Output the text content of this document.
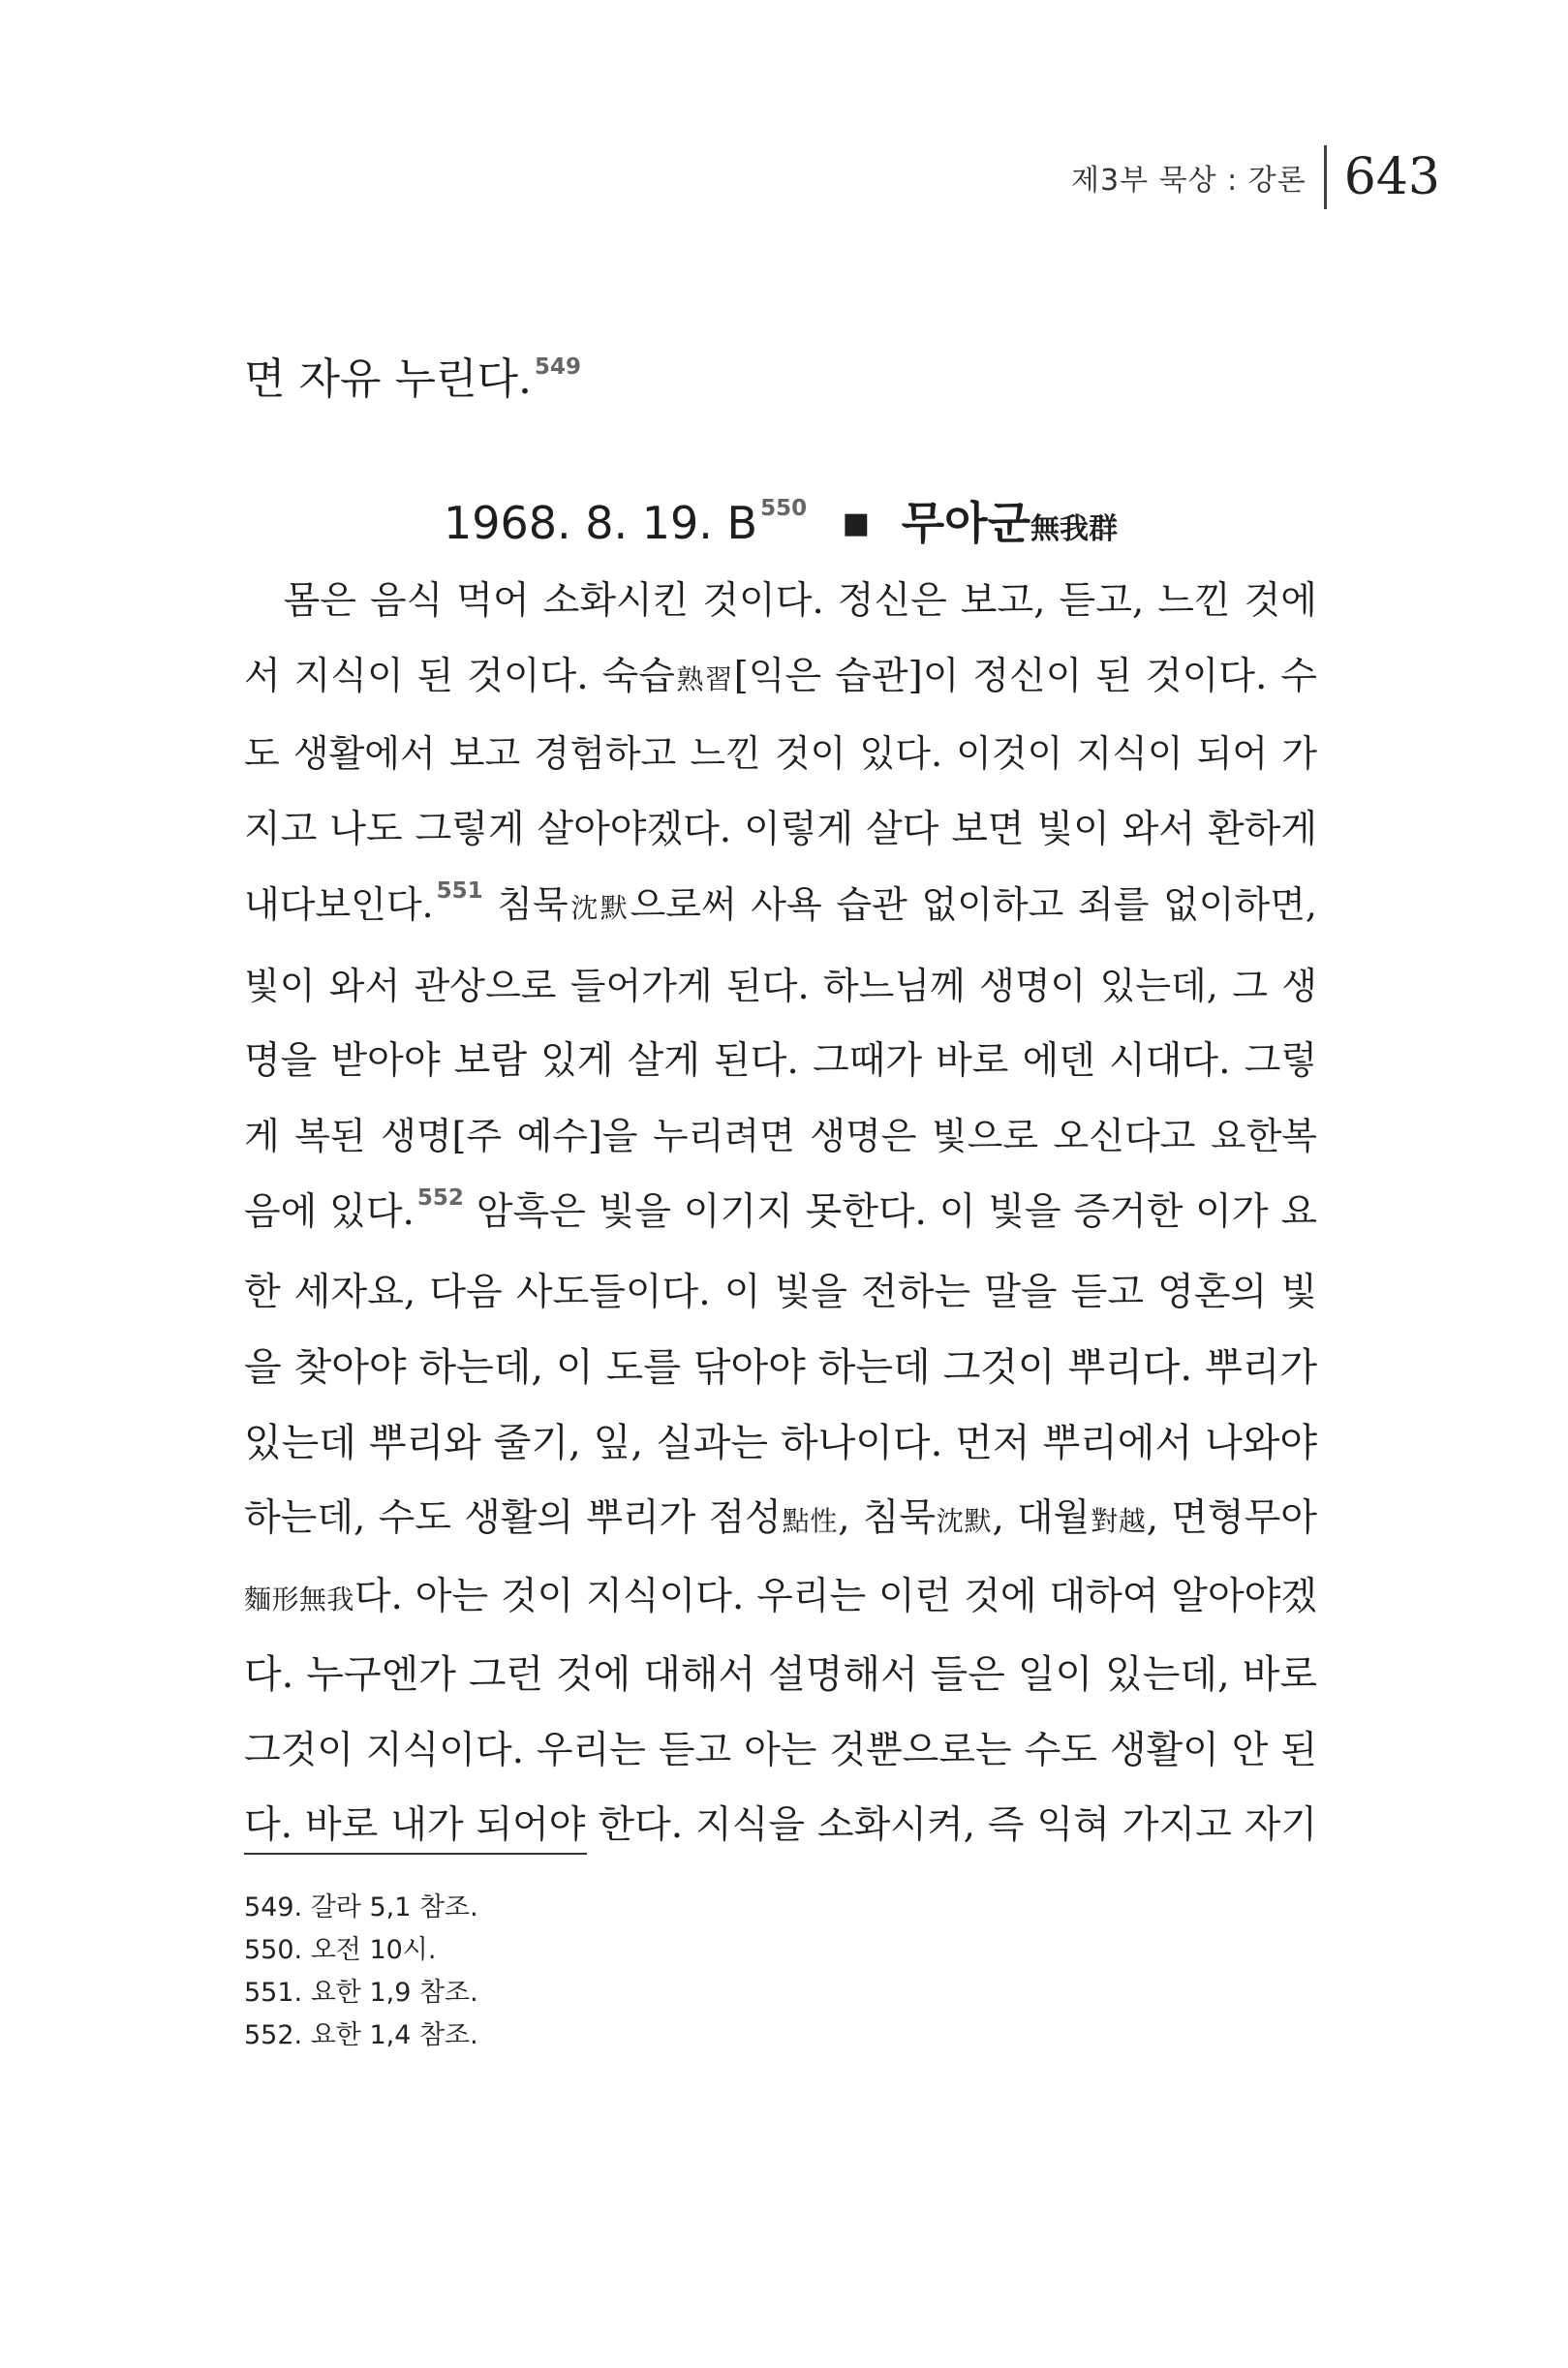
제3부 묵상 : 강론 643
면 자유 누린다. $^{549}$
1968. 8. 19. B $^{550}$ ■ 무아군無我群
　몸은 음식 먹어 소화시킨 것이다. 정신은 보고, 듣고, 느낀 것에
서 지식이 된 것이다. 숙습熟習[익은 습관]이 정신이 된 것이다. 수
도 생활에서 보고 경험하고 느낀 것이 있다. 이것이 지식이 되어 가
지고 나도 그렇게 살아야겠다. 이렇게 살다 보면 빛이 와서 환하게
내다보인다. $^{551}$ 침묵沈默으로써 사욕 습관 없이하고 죄를 없이하면,
빛이 와서 관상으로 들어가게 된다. 하느님께 생명이 있는데, 그 생
명을 받아야 보람 있게 살게 된다. 그때가 바로 에덴 시대다. 그렇
게 복된 생명[주 예수]을 누리려면 생명은 빛으로 오신다고 요한복
음에 있다. $^{552}$ 암흑은 빛을 이기지 못한다. 이 빛을 증거한 이가 요
한 세자요, 다음 사도들이다. 이 빛을 전하는 말을 듣고 영혼의 빛
을 찾아야 하는데, 이 도를 닦아야 하는데 그것이 뿌리다. 뿌리가
있는데 뿌리와 줄기, 잎, 실과는 하나이다. 먼저 뿌리에서 나와야
하는데, 수도 생활의 뿌리가 점성點性, 침묵沈默, 대월對越, 면형무아
麵形無我다. 아는 것이 지식이다. 우리는 이런 것에 대하여 알아야겠
다. 누구엔가 그런 것에 대해서 설명해서 들은 일이 있는데, 바로
그것이 지식이다. 우리는 듣고 아는 것뿐으로는 수도 생활이 안 된
다. 바로 내가 되어야 한다. 지식을 소화시켜, 즉 익혀 가지고 자기
549. 갈라 5,1 참조.
550. 오전 10시.
551. 요한 1,9 참조.
552. 요한 1,4 참조.
